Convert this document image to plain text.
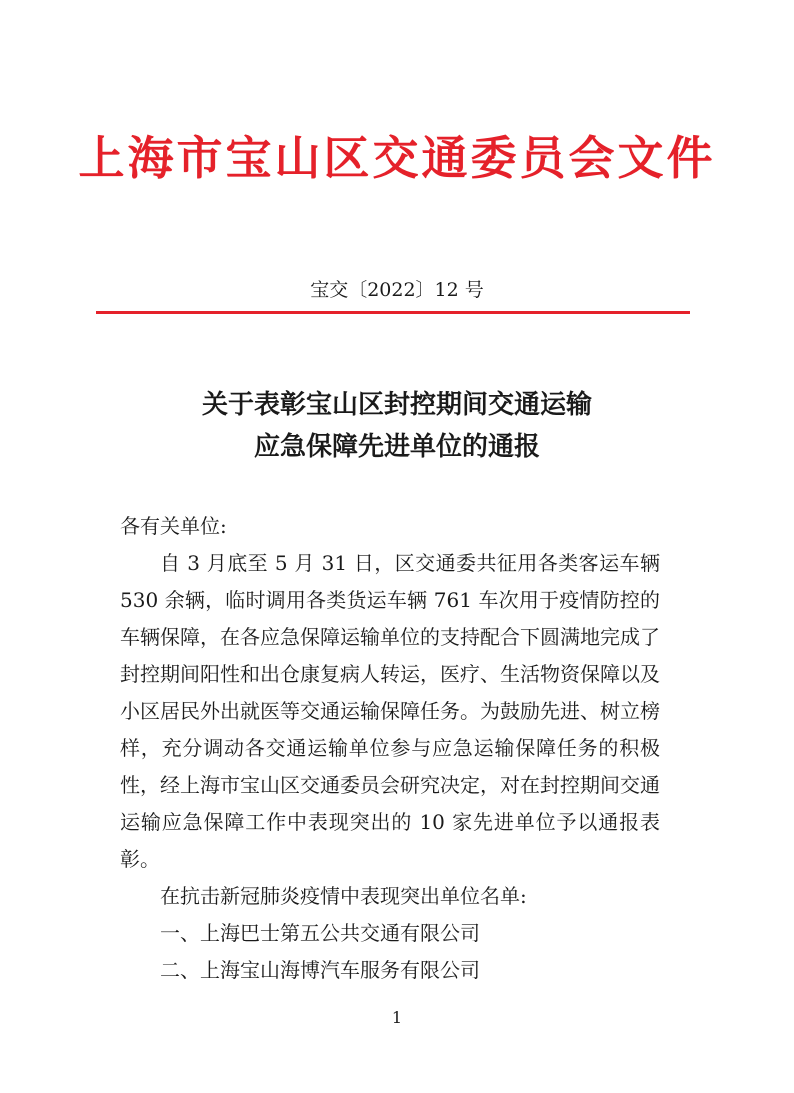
上海市宝山区交通委员会文件
宝交〔2022〕12 号
关于表彰宝山区封控期间交通运输
应急保障先进单位的通报

各有关单位:

自 3 月底至 5 月 31 日，区交通委共征用各类客运车辆 530 余辆，临时调用各类货运车辆 761 车次用于疫情防控的车辆保障，在各应急保障运输单位的支持配合下圆满地完成了封控期间阳性和出仓康复病人转运，医疗、生活物资保障以及小区居民外出就医等交通运输保障任务。为鼓励先进、树立榜样，充分调动各交通运输单位参与应急运输保障任务的积极性，经上海市宝山区交通委员会研究决定，对在封控期间交通运输应急保障工作中表现突出的 10 家先进单位予以通报表彰。

在抗击新冠肺炎疫情中表现突出单位名单:

一、上海巴士第五公共交通有限公司

二、上海宝山海博汽车服务有限公司

1
